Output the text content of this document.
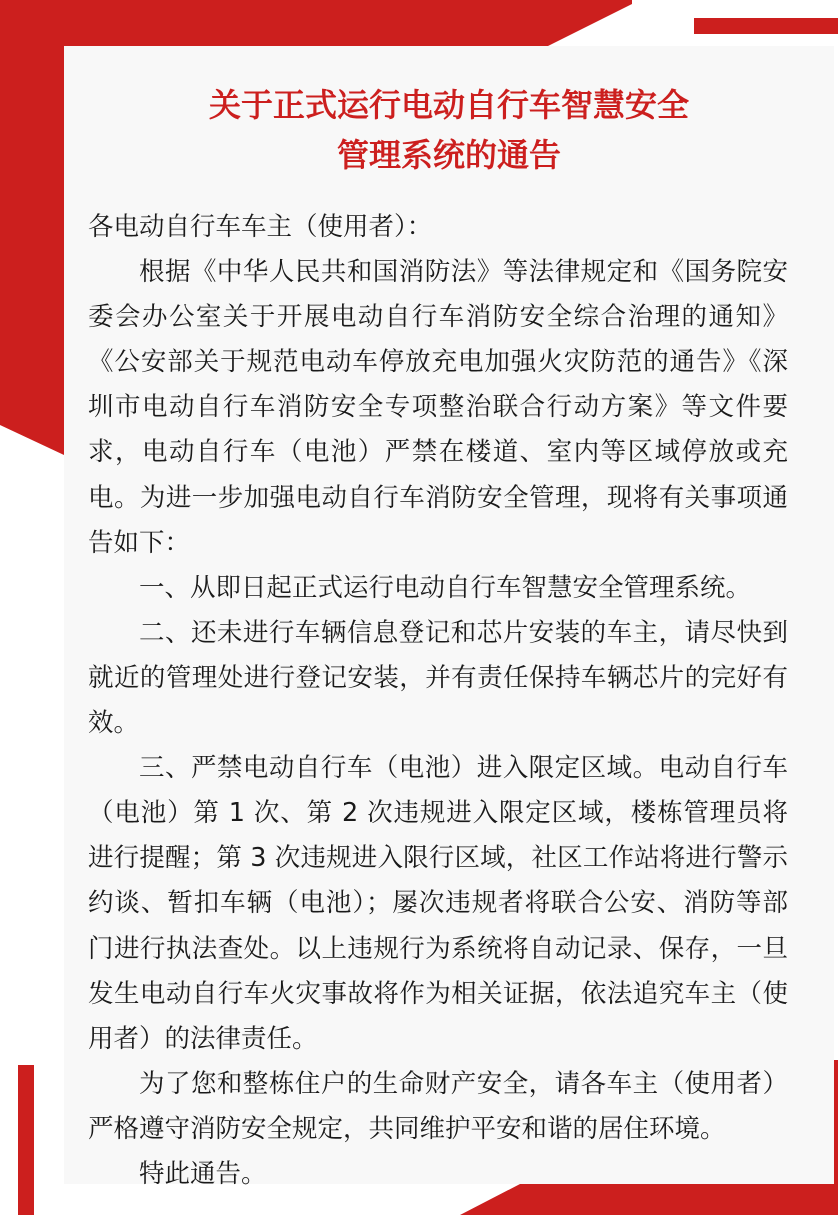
关于正式运行电动自行车智慧安全
管理系统的通告

各电动自行车车主（使用者）：

根据《中华人民共和国消防法》等法律规定和《国务院安委会办公室关于开展电动自行车消防安全综合治理的通知》《公安部关于规范电动车停放充电加强火灾防范的通告》《深圳市电动自行车消防安全专项整治联合行动方案》等文件要求，电动自行车（电池）严禁在楼道、室内等区域停放或充电。为进一步加强电动自行车消防安全管理，现将有关事项通告如下：

一、从即日起正式运行电动自行车智慧安全管理系统。

二、还未进行车辆信息登记和芯片安装的车主，请尽快到就近的管理处进行登记安装，并有责任保持车辆芯片的完好有效。

三、严禁电动自行车（电池）进入限定区域。电动自行车（电池）第 1 次、第 2 次违规进入限定区域，楼栋管理员将进行提醒；第 3 次违规进入限行区域，社区工作站将进行警示约谈、暂扣车辆（电池）；屡次违规者将联合公安、消防等部门进行执法查处。以上违规行为系统将自动记录、保存，一旦发生电动自行车火灾事故将作为相关证据，依法追究车主（使用者）的法律责任。

为了您和整栋住户的生命财产安全，请各车主（使用者）严格遵守消防安全规定，共同维护平安和谐的居住环境。

特此通告。
